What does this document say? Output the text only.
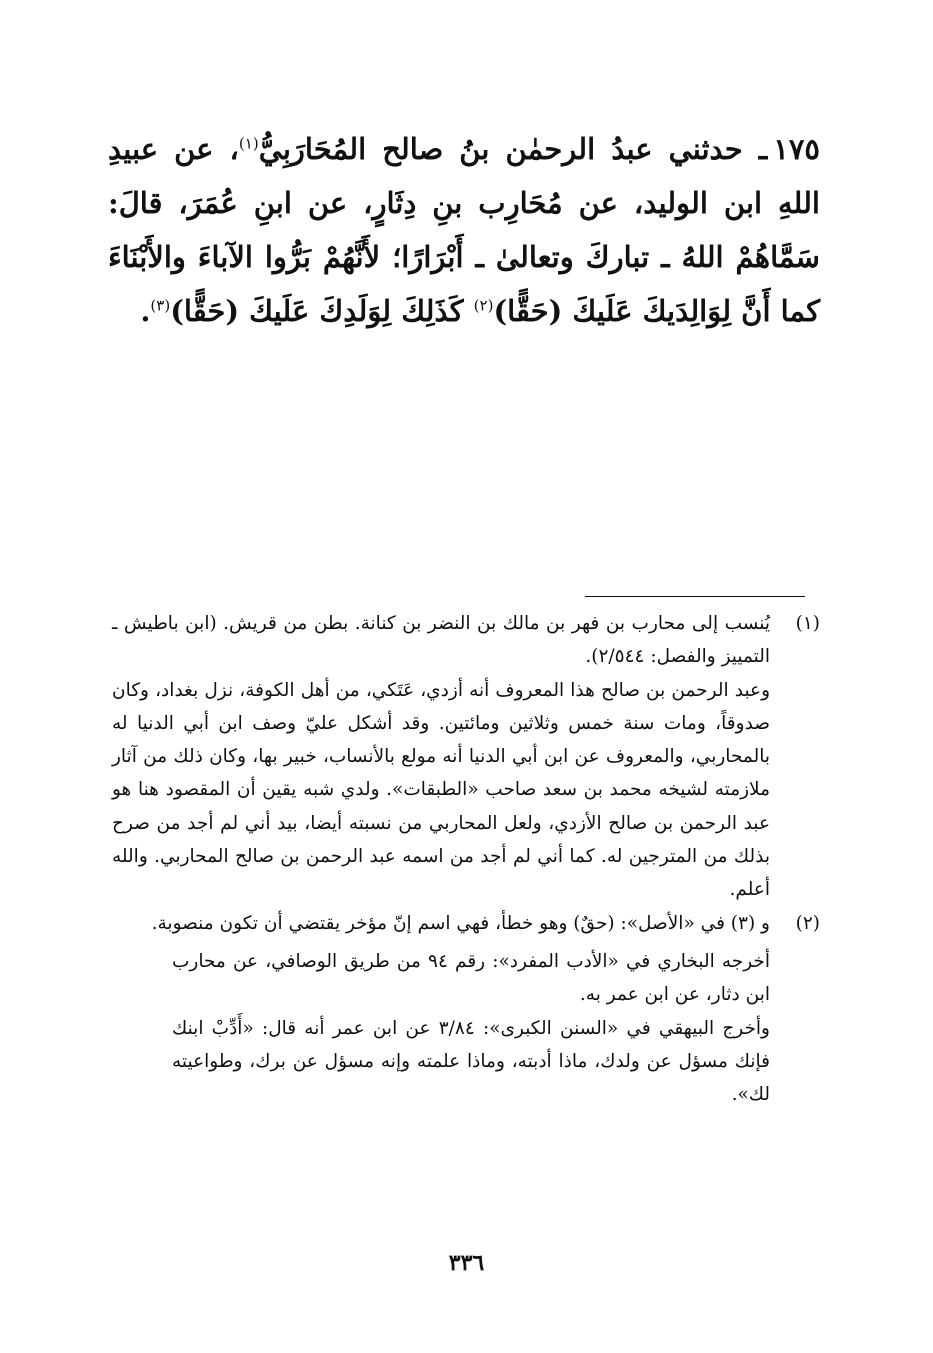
١٧٥ـ حدثني عبدُ الرحمٰن بنُ صالح المُحَارَبِيُّ$^{(١)}$، عن عبيدِ اللهِ ابن الوليد، عن مُحَارِب بنِ دِثَارٍ، عن ابنِ عُمَرَ، قالَ: سَمَّاهُمْ اللهُ ـ تباركَ وتعالىٰ ـ أَبْرَارًا؛ لأَنَّهُمْ بَرُّوا الآباءَ والأَبْنَاءَ كما أَنَّ لِوَالِدَيكَ عَلَيكَ (حَقًّا)$^{(٢)}$ كَذَلِكَ لِوَلَدِكَ عَلَيكَ (حَقًّا)$^{(٣)}$.

(١)

يُنسب إلى محارب بن فهر بن مالك بن النضر بن كنانة. بطن من قريش. (ابن باطيش ـ التمييز والفصل: ٢/٥٤٤).

وعبد الرحمن بن صالح هذا المعروف أنه أزدي، عَتَكي، من أهل الكوفة، نزل بغداد، وكان صدوقاً، ومات سنة خمس وثلاثين ومائتين. وقد أشكل عليّ وصف ابن أبي الدنيا له بالمحاربي، والمعروف عن ابن أبي الدنيا أنه مولع بالأنساب، خبير بها، وكان ذلك من آثار ملازمته لشيخه محمد بن سعد صاحب «الطبقات». ولدي شبه يقين أن المقصود هنا هو عبد الرحمن بن صالح الأزدي، ولعل المحاربي من نسبته أيضا، بيد أني لم أجد من صرح بذلك من المترجين له. كما أني لم أجد من اسمه عبد الرحمن بن صالح المحاربي. والله أعلم.

(٢)

و (٣) في «الأصل»: (حقٌ) وهو خطأ، فهي اسم إنّ مؤخر يقتضي أن تكون منصوبة.

أخرجه البخاري في «الأدب المفرد»: رقم ٩٤ من طريق الوصافي، عن محارب ابن دثار، عن ابن عمر به.

وأخرج البيهقي في «السنن الكبرى»: ٣/٨٤ عن ابن عمر أنه قال: «أَدِّبْ ابنك فإنك مسؤل عن ولدك، ماذا أدبته، وماذا علمته وإنه مسؤل عن برك، وطواعيته لك».

٣٣٦
